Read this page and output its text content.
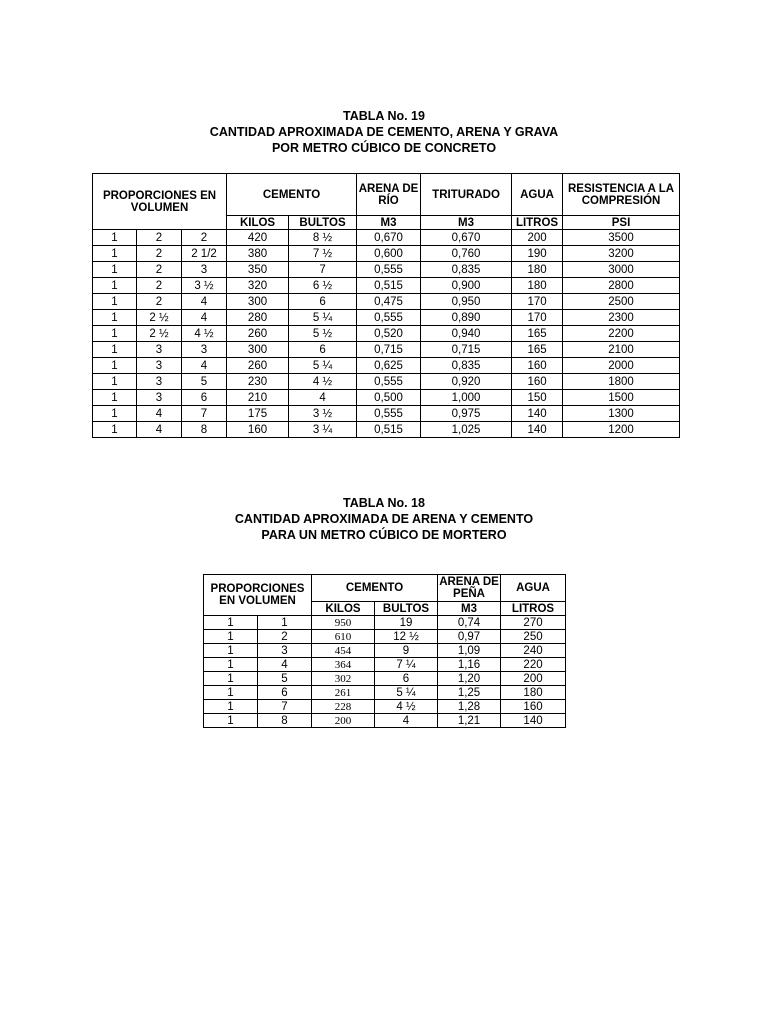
TABLA No. 19
CANTIDAD APROXIMADA DE CEMENTO, ARENA Y GRAVA
POR METRO CÚBICO DE CONCRETO
PROPORCIONES EN VOLUMEN			CEMENTO		ARENA DE RÍO	TRITURADO	AGUA	RESISTENCIA A LA COMPRESIÓN
			KILOS	BULTOS	M3	M3	LITROS	PSI
1	2	2	420	8 ½	0,670	0,670	200	3500
1	2	2 1/2	380	7 ½	0,600	0,760	190	3200
1	2	3	350	7	0,555	0,835	180	3000
1	2	3 ½	320	6 ½	0,515	0,900	180	2800
1	2	4	300	6	0,475	0,950	170	2500
1	2 ½	4	280	5 ¼	0,555	0,890	170	2300
1	2 ½	4 ½	260	5 ½	0,520	0,940	165	2200
1	3	3	300	6	0,715	0,715	165	2100
1	3	4	260	5 ¼	0,625	0,835	160	2000
1	3	5	230	4 ½	0,555	0,920	160	1800
1	3	6	210	4	0,500	1,000	150	1500
1	4	7	175	3 ½	0,555	0,975	140	1300
1	4	8	160	3 ¼	0,515	1,025	140	1200
TABLA No. 18
CANTIDAD APROXIMADA DE ARENA Y CEMENTO
PARA UN METRO CÚBICO DE MORTERO
PROPORCIONES EN VOLUMEN		CEMENTO		ARENA DE PEÑA	AGUA
		KILOS	BULTOS	M3	LITROS
1	1	950	19	0,74	270
1	2	610	12 ½	0,97	250
1	3	454	9	1,09	240
1	4	364	7 ¼	1,16	220
1	5	302	6	1,20	200
1	6	261	5 ¼	1,25	180
1	7	228	4 ½	1,28	160
1	8	200	4	1,21	140
